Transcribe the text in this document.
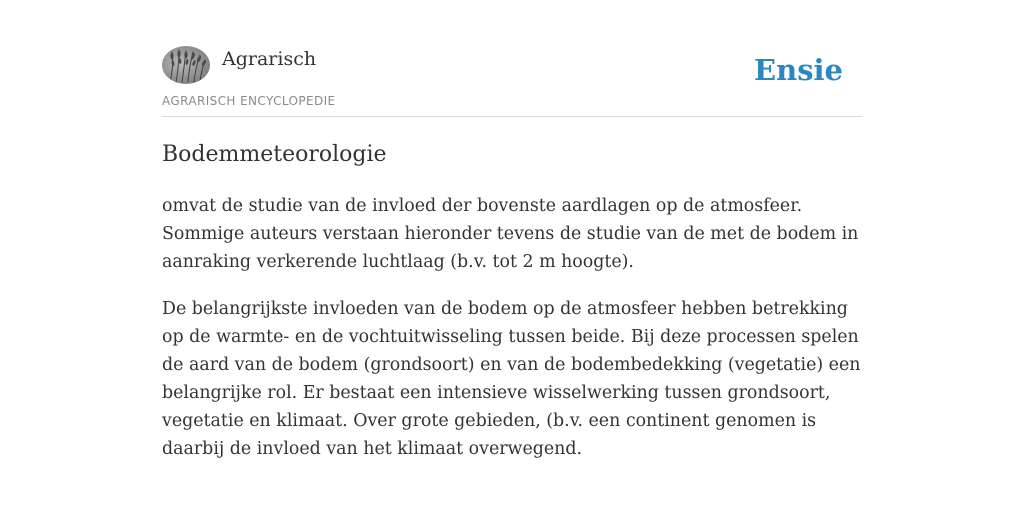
Agrarisch
AGRARISCH ENCYCLOPEDIE
Ensie
Bodemmeteorologie

omvat de studie van de invloed der bovenste aardlagen op de atmosfeer. Sommige auteurs verstaan hieronder tevens de studie van de met de bodem in aanraking verkerende luchtlaag (b.v. tot 2 m hoogte).

De belangrijkste invloeden van de bodem op de atmosfeer hebben betrekking op de warmte- en de vochtuitwisseling tussen beide. Bij deze processen spelen de aard van de bodem (grondsoort) en van de bodembedekking (vegetatie) een belangrijke rol. Er bestaat een intensieve wisselwerking tussen grondsoort, vegetatie en klimaat. Over grote gebieden, (b.v. een continent genomen is daarbij de invloed van het klimaat overwegend.
